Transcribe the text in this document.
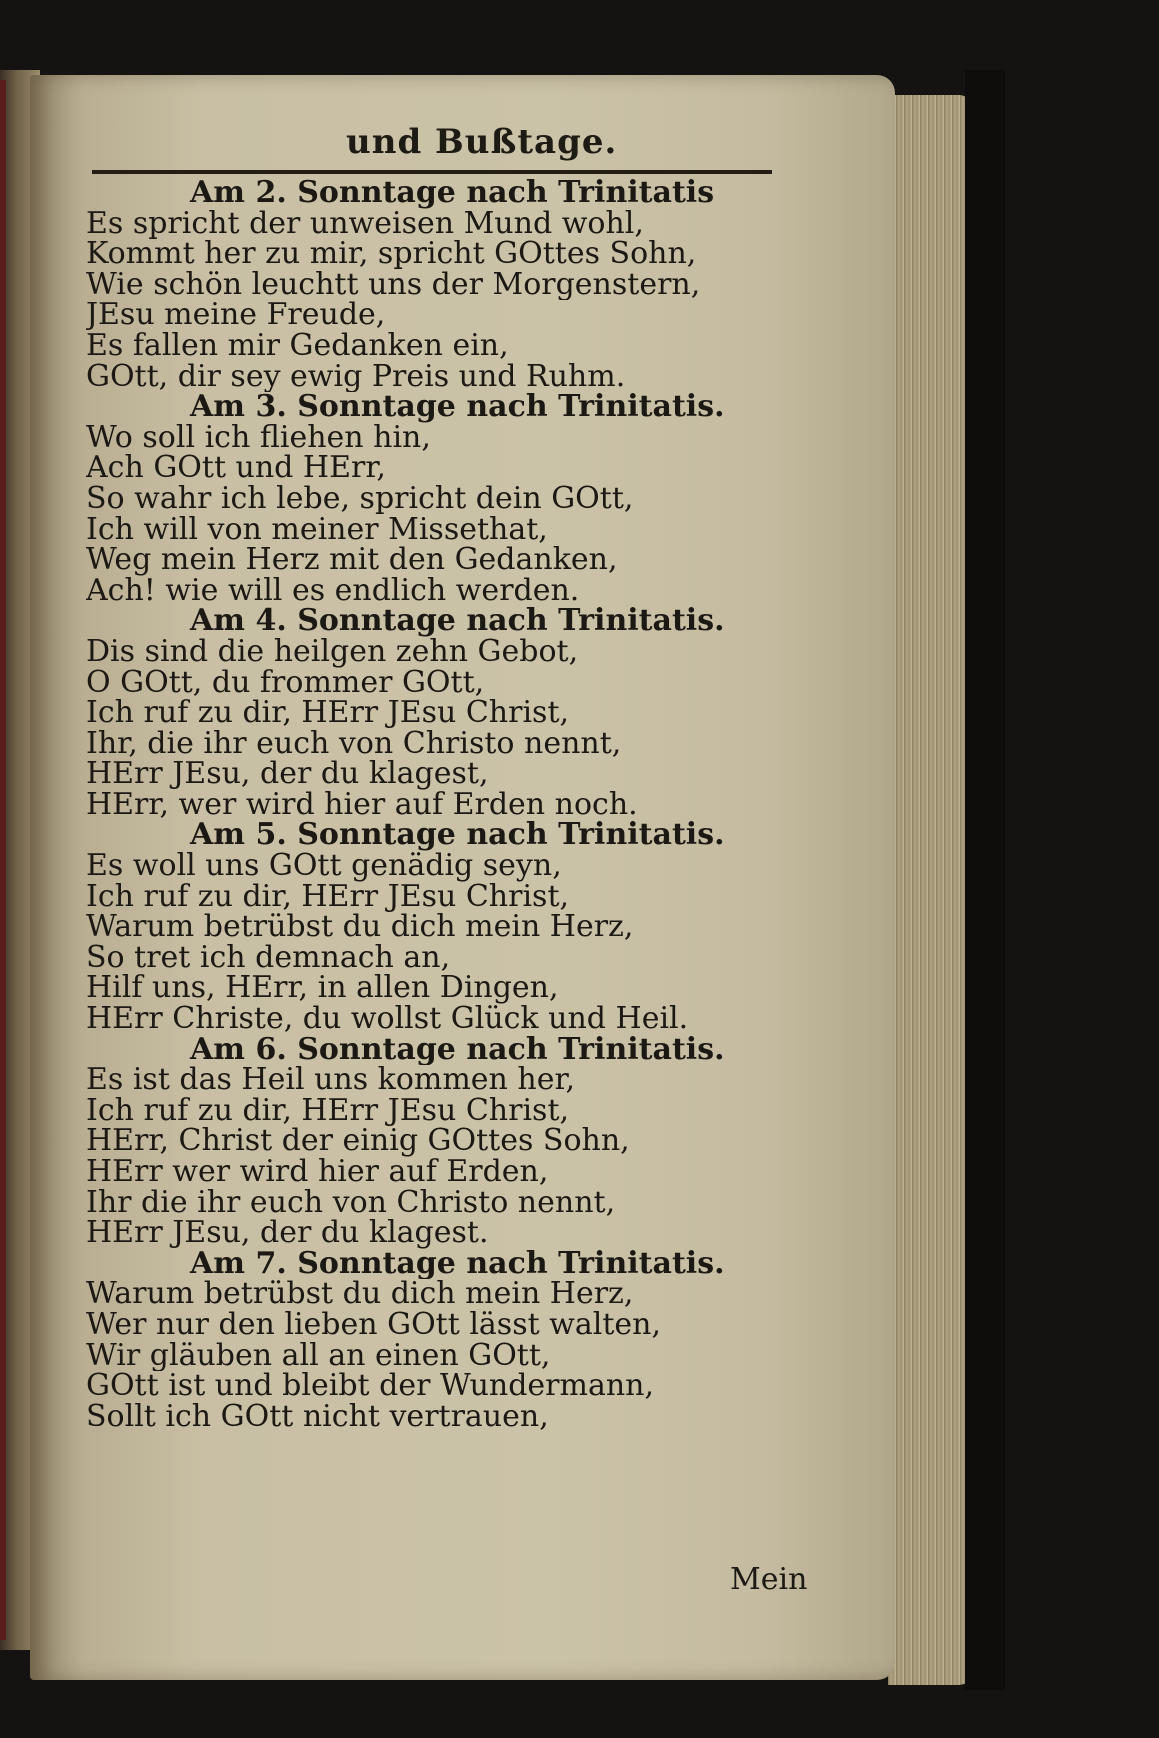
und Bußtage.
Am 2. Sonntage nach Trinitatis
Es spricht der unweisen Mund wohl,
Kommt her zu mir, spricht GOttes Sohn,
Wie schön leuchtt uns der Morgenstern,
JEsu meine Freude,
Es fallen mir Gedanken ein,
GOtt, dir sey ewig Preis und Ruhm.
Am 3. Sonntage nach Trinitatis.
Wo soll ich fliehen hin,
Ach GOtt und HErr,
So wahr ich lebe, spricht dein GOtt,
Ich will von meiner Missethat,
Weg mein Herz mit den Gedanken,
Ach! wie will es endlich werden.
Am 4. Sonntage nach Trinitatis.
Dis sind die heilgen zehn Gebot,
O GOtt, du frommer GOtt,
Ich ruf zu dir, HErr JEsu Christ,
Ihr, die ihr euch von Christo nennt,
HErr JEsu, der du klagest,
HErr, wer wird hier auf Erden noch.
Am 5. Sonntage nach Trinitatis.
Es woll uns GOtt genädig seyn,
Ich ruf zu dir, HErr JEsu Christ,
Warum betrübst du dich mein Herz,
So tret ich demnach an,
Hilf uns, HErr, in allen Dingen,
HErr Christe, du wollst Glück und Heil.
Am 6. Sonntage nach Trinitatis.
Es ist das Heil uns kommen her,
Ich ruf zu dir, HErr JEsu Christ,
HErr, Christ der einig GOttes Sohn,
HErr wer wird hier auf Erden,
Ihr die ihr euch von Christo nennt,
HErr JEsu, der du klagest.
Am 7. Sonntage nach Trinitatis.
Warum betrübst du dich mein Herz,
Wer nur den lieben GOtt lässt walten,
Wir gläuben all an einen GOtt,
GOtt ist und bleibt der Wundermann,
Sollt ich GOtt nicht vertrauen,
Mein
